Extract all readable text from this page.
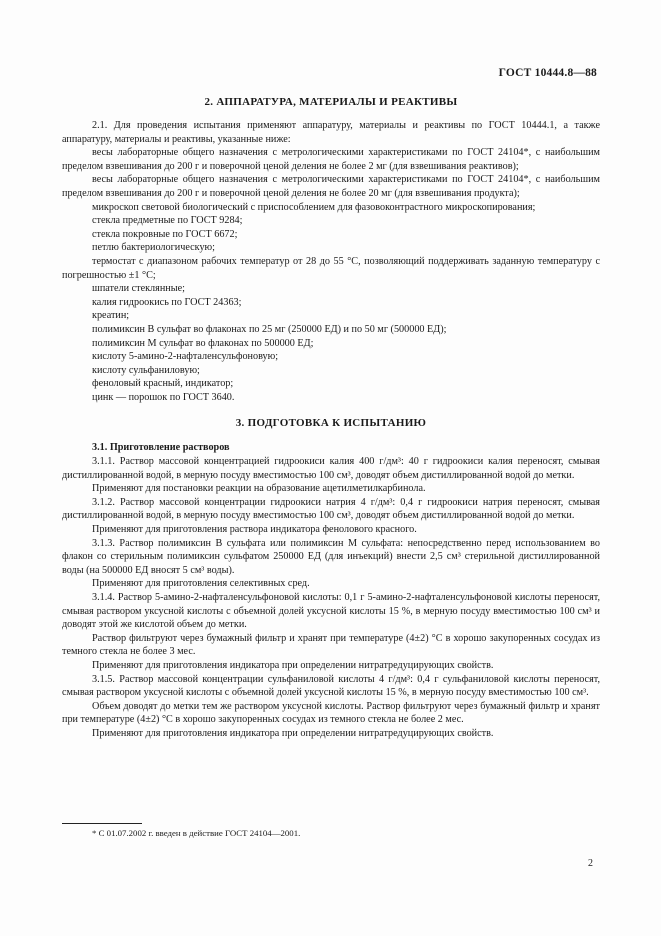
ГОСТ 10444.8—88
2. АППАРАТУРА, МАТЕРИАЛЫ И РЕАКТИВЫ

2.1. Для проведения испытания применяют аппаратуру, материалы и реактивы по ГОСТ 10444.1, а также аппаратуру, материалы и реактивы, указанные ниже:

весы лабораторные общего назначения с метрологическими характеристиками по ГОСТ 24104*, с наибольшим пределом взвешивания до 200 г и поверочной ценой деления не более 2 мг (для взвешивания реактивов);

весы лабораторные общего назначения с метрологическими характеристиками по ГОСТ 24104*, с наибольшим пределом взвешивания до 200 г и поверочной ценой деления не более 20 мг (для взвешивания продукта);

микроскоп световой биологический с приспособлением для фазовоконтрастного микроскопирования;

стекла предметные по ГОСТ 9284;

стекла покровные по ГОСТ 6672;

петлю бактериологическую;

термостат с диапазоном рабочих температур от 28 до 55 °С, позволяющий поддерживать заданную температуру с погрешностью ±1 °С;

шпатели стеклянные;

калия гидроокись по ГОСТ 24363;

креатин;

полимиксин В сульфат во флаконах по 25 мг (250000 ЕД) и по 50 мг (500000 ЕД);

полимиксин М сульфат во флаконах по 500000 ЕД;

кислоту 5-амино-2-нафталенсульфоновую;

кислоту сульфаниловую;

феноловый красный, индикатор;

цинк — порошок по ГОСТ 3640.

3. ПОДГОТОВКА К ИСПЫТАНИЮ

3.1. Приготовление растворов

3.1.1. Раствор массовой концентрацией гидроокиси калия 400 г/дм³: 40 г гидроокиси калия переносят, смывая дистиллированной водой, в мерную посуду вместимостью 100 см³, доводят объем дистиллированной водой до метки.

Применяют для постановки реакции на образование ацетилметилкарбинола.

3.1.2. Раствор массовой концентрации гидроокиси натрия 4 г/дм³: 0,4 г гидроокиси натрия переносят, смывая дистиллированной водой, в мерную посуду вместимостью 100 см³, доводят объем дистиллированной водой до метки.

Применяют для приготовления раствора индикатора фенолового красного.

3.1.3. Раствор полимиксин В сульфата или полимиксин М сульфата: непосредственно перед использованием во флакон со стерильным полимиксин сульфатом 250000 ЕД (для инъекций) внести 2,5 см³ стерильной дистиллированной воды (на 500000 ЕД вносят 5 см³ воды).

Применяют для приготовления селективных сред.

3.1.4. Раствор 5-амино-2-нафталенсульфоновой кислоты: 0,1 г 5-амино-2-нафталенсульфоновой кислоты переносят, смывая раствором уксусной кислоты с объемной долей уксусной кислоты 15 %, в мерную посуду вместимостью 100 см³ и доводят этой же кислотой объем до метки.

Раствор фильтруют через бумажный фильтр и хранят при температуре (4±2) °С в хорошо закупоренных сосудах из темного стекла не более 3 мес.

Применяют для приготовления индикатора при определении нитратредуцирующих свойств.

3.1.5. Раствор массовой концентрации сульфаниловой кислоты 4 г/дм³: 0,4 г сульфаниловой кислоты переносят, смывая раствором уксусной кислоты с объемной долей уксусной кислоты 15 %, в мерную посуду вместимостью 100 см³.

Объем доводят до метки тем же раствором уксусной кислоты. Раствор фильтруют через бумажный фильтр и хранят при температуре (4±2) °С в хорошо закупоренных сосудах из темного стекла не более 2 мес.

Применяют для приготовления индикатора при определении нитратредуцирующих свойств.

* С 01.07.2002 г. введен в действие ГОСТ 24104—2001.
2
